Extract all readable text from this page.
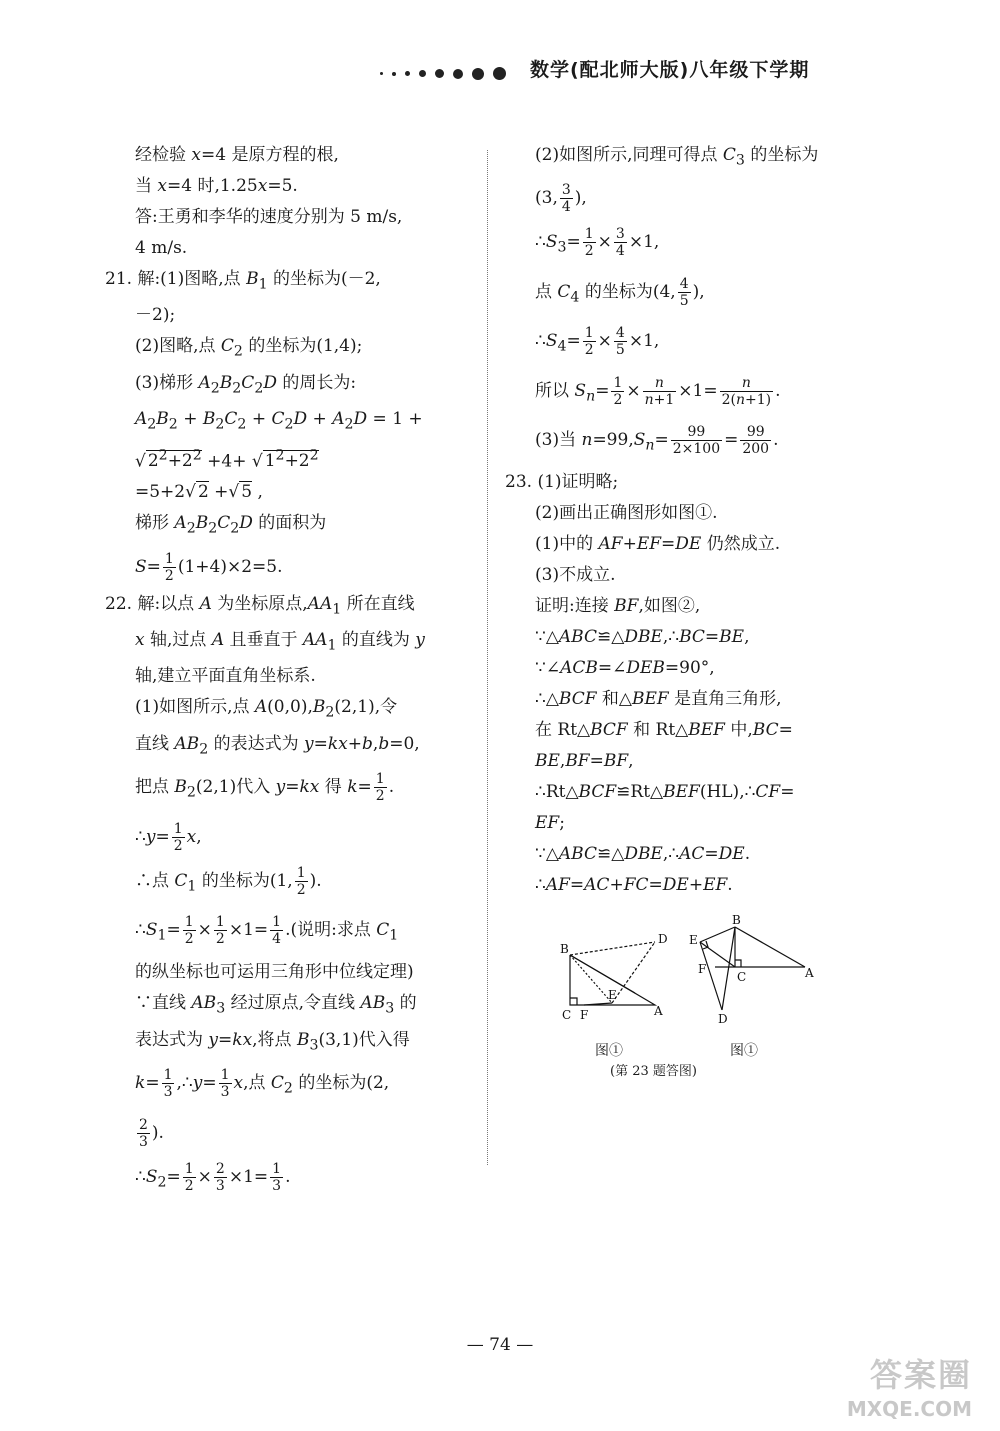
数学(配北师大版)八年级下学期
经检验 x=4 是原方程的根,
当 x=4 时,1.25x=5.
答:王勇和李华的速度分别为 5 m/s,
4 m/s.
21. 解:(1)图略,点 $B_1$ 的坐标为(－2,
－2);
(2)图略,点 $C_2$ 的坐标为(1,4);
(3)梯形 $A_2B_2C_2D$ 的周长为:
$A_2B_2 + B_2C_2 + C_2D + A_2D = 1$ +
√ $2^2+2^2 +4+$ √ $1^2+2^2$
=5+2√ 2 +√ 5 ,
梯形 $A_2B_2C_2D$ 的面积为
$S= \frac{1}{2} (1+4)\times 2=5$.
22. 解:以点 A 为坐标原点$,AA_1$ 所在直线
x 轴,过点 A 且垂直于 $AA_1$ 的直线为 y
轴,建立平面直角坐标系.
(1)如图所示,点 $A(0,0),B_2(2,1)$,令
直线 $AB_2$ 的表达式为 y=kx+b,b=0,
把点 $B_2(2,1)$代入 y=kx 得 $k= \frac{1}{2}$ .
∴y= $\frac{1}{2} x$,
∴点 $C_1$ 的坐标为(1, $\frac{1}{2}$ ).
$\therefore S_1= \frac{1}{2} \times \frac{1}{2} \times 1= \frac{1}{4}$ .(说明:求点 $C_1$
的纵坐标也可运用三角形中位线定理)
∵直线 $AB_3$ 经过原点,令直线 $AB_3$ 的
表达式为 y=kx,将点 $B_3(3,1)$代入得
$k= \frac{1}{3}$ ,∴y= $\frac{1}{3} x$,点 $C_2$ 的坐标为(2,
$\frac{2}{3}$ ).
$\therefore S_2= \frac{1}{2} \times \frac{2}{3} \times 1= \frac{1}{3}$ .
(2)如图所示,同理可得点 $C_3$ 的坐标为
(3, $\frac{3}{4}$ ),
$\therefore S_3= \frac{1}{2} \times \frac{3}{4} \times 1$,
点 $C_4$ 的坐标为(4, $\frac{4}{5}$ ),
$\therefore S_4= \frac{1}{2} \times \frac{4}{5} \times 1$,
所以 $S_n= \frac{1}{2} \times \frac{n}{n+1} \times 1= \frac{n}{2(n+1)}$ .
(3)当 $n=99,S_n= \frac{99}{2\times 100} = \frac{99}{200}$ .
23. (1)证明略;
(2)画出正确图形如图①.
(1)中的 AF+EF=DE 仍然成立.
(3)不成立.
证明:连接 BF,如图②,
∵△ABC≌△DBE,∴BC=BE,
∵∠ACB=∠DEB=90°,
∴△BCF 和△BEF 是直角三角形,
在 Rt△BCF 和 Rt△BEF 中,BC=
BE,BF=BF,
∴Rt△BCF≌Rt△BEF(HL),∴CF=
EF;
∵△ABC≌△DBE,∴AC=DE.
∴AF=AC+FC=DE+EF.
B
D
E
C F	A
B
E
F
C	A
D
图①	图①
(第 23 题答图)
— 74 —
答案圈
MXQE.COM
